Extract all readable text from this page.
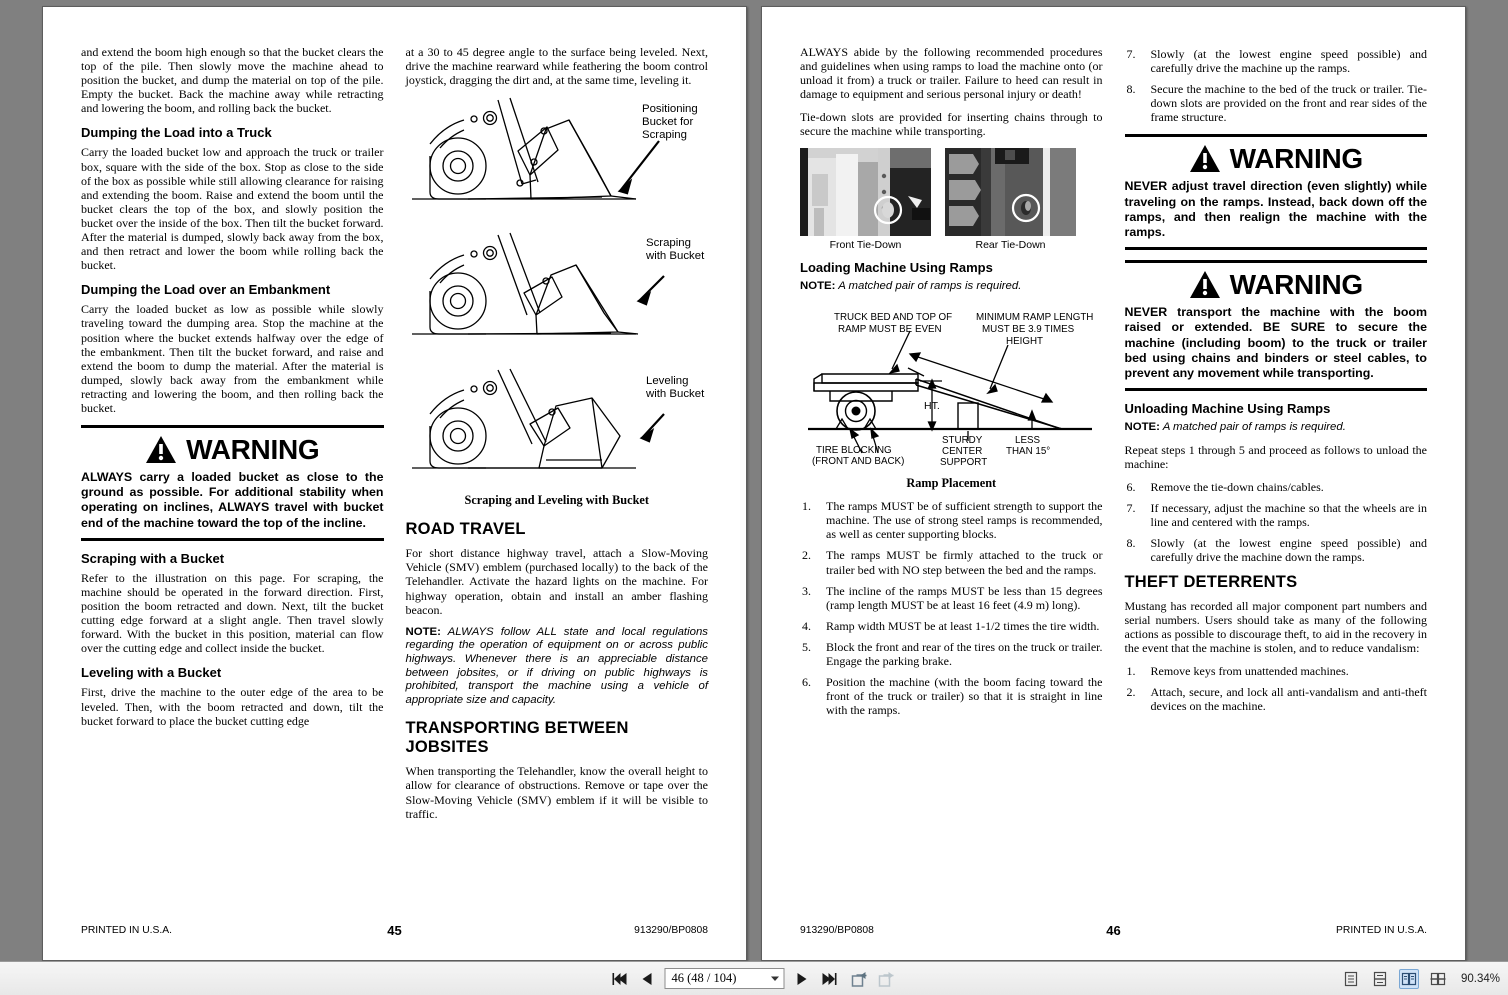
and extend the boom high enough so that the bucket clears the top of the pile. Then slowly move the machine ahead to position the bucket, and dump the material on top of the pile. Empty the bucket. Back the machine away while retracting and lowering the boom, and rolling back the bucket.

Dumping the Load into a Truck

Carry the loaded bucket low and approach the truck or trailer box, square with the side of the box. Stop as close to the side of the box as possible while still allowing clearance for raising and extending the boom. Raise and extend the boom until the bucket clears the top of the box, and slowly position the bucket over the inside of the box. Then tilt the bucket forward. After the material is dumped, slowly back away from the box, and then retract and lower the boom while rolling back the bucket.

Dumping the Load over an Embankment

Carry the loaded bucket as low as possible while slowly traveling toward the dumping area. Stop the machine at the position where the bucket extends halfway over the edge of the embankment. Then tilt the bucket forward, and raise and extend the boom to dump the material. After the material is dumped, slowly back away from the embankment while retracting and lowering the boom, and then rolling back the bucket.

WARNING

ALWAYS carry a loaded bucket as close to the ground as possible. For additional stability when operating on inclines, ALWAYS travel with bucket end of the machine toward the top of the incline.

Scraping with a Bucket

Refer to the illustration on this page. For scraping, the machine should be operated in the forward direction. First, position the boom retracted and down. Next, tilt the bucket cutting edge forward at a slight angle. Then travel slowly forward. With the bucket in this position, material can flow over the cutting edge and collect inside the bucket.

Leveling with a Bucket

First, drive the machine to the outer edge of the area to be leveled. Then, with the boom retracted and down, tilt the bucket forward to place the bucket cutting edge

at a 30 to 45 degree angle to the surface being leveled. Next, drive the machine rearward while feathering the boom control joystick, dragging the dirt and, at the same time, leveling it.

Positioning
Bucket for
Scraping
Scraping
with Bucket
Leveling
with Bucket
Scraping and Leveling with Bucket
ROAD TRAVEL

For short distance highway travel, attach a Slow-Moving Vehicle (SMV) emblem (purchased locally) to the back of the Telehandler. Activate the hazard lights on the machine. For highway operation, obtain and install an amber flashing beacon.

NOTE: ALWAYS follow ALL state and local regulations regarding the operation of equipment on or across public highways. Whenever there is an appreciable distance between jobsites, or if driving on public highways is prohibited, transport the machine using a vehicle of appropriate size and capacity.

TRANSPORTING BETWEEN JOBSITES

When transporting the Telehandler, know the overall height to allow for clearance of obstructions. Remove or tape over the Slow-Moving Vehicle (SMV) emblem if it will be visible to traffic.

PRINTED IN U.S.A.	45	913290/BP0808

ALWAYS abide by the following recommended procedures and guidelines when using ramps to load the machine onto (or unload it from) a truck or trailer. Failure to heed can result in damage to equipment and serious personal injury or death!

Tie-down slots are provided for inserting chains through to secure the machine while transporting.

Front Tie-Down	Rear Tie-Down
Loading Machine Using Ramps

NOTE: A matched pair of ramps is required.

HT.
TRUCK BED AND TOP OF
RAMP MUST BE EVEN
MINIMUM RAMP LENGTH
MUST BE 3.9 TIMES
HEIGHT
TIRE BLOCKING
(FRONT AND BACK)
STURDY
CENTER
SUPPORT
LESS
THAN 15°
Ramp Placement
1.	The ramps MUST be of sufficient strength to support the machine. The use of strong steel ramps is recommended, as well as center supporting blocks.
2.	The ramps MUST be firmly attached to the truck or trailer bed with NO step between the bed and the ramps.
3.	The incline of the ramps MUST be less than 15 degrees (ramp length MUST be at least 16 feet (4.9 m) long).
4.	Ramp width MUST be at least 1-1/2 times the tire width.
5.	Block the front and rear of the tires on the truck or trailer. Engage the parking brake.
6.	Position the machine (with the boom facing toward the front of the truck or trailer) so that it is straight in line with the ramps.
7.	Slowly (at the lowest engine speed possible) and carefully drive the machine up the ramps.
8.	Secure the machine to the bed of the truck or trailer. Tie-down slots are provided on the front and rear sides of the frame structure.
WARNING

NEVER adjust travel direction (even slightly) while traveling on the ramps. Instead, back down off the ramps, and then realign the machine with the ramps.

WARNING

NEVER transport the machine with the boom raised or extended. BE SURE to secure the machine (including boom) to the truck or trailer bed using chains and binders or steel cables, to prevent any movement while transporting.

Unloading Machine Using Ramps

NOTE: A matched pair of ramps is required.

Repeat steps 1 through 5 and proceed as follows to unload the machine:

6.	Remove the tie-down chains/cables.
7.	If necessary, adjust the machine so that the wheels are in line and centered with the ramps.
8.	Slowly (at the lowest engine speed possible) and carefully drive the machine down the ramps.
THEFT DETERRENTS

Mustang has recorded all major component part numbers and serial numbers. Users should take as many of the following actions as possible to discourage theft, to aid in the recovery in the event that the machine is stolen, and to reduce vandalism:

1.	Remove keys from unattended machines.
2.	Attach, secure, and lock all anti-vandalism and anti-theft devices on the machine.
913290/BP0808	46	PRINTED IN U.S.A.
46 (48 / 104)	90.34%
